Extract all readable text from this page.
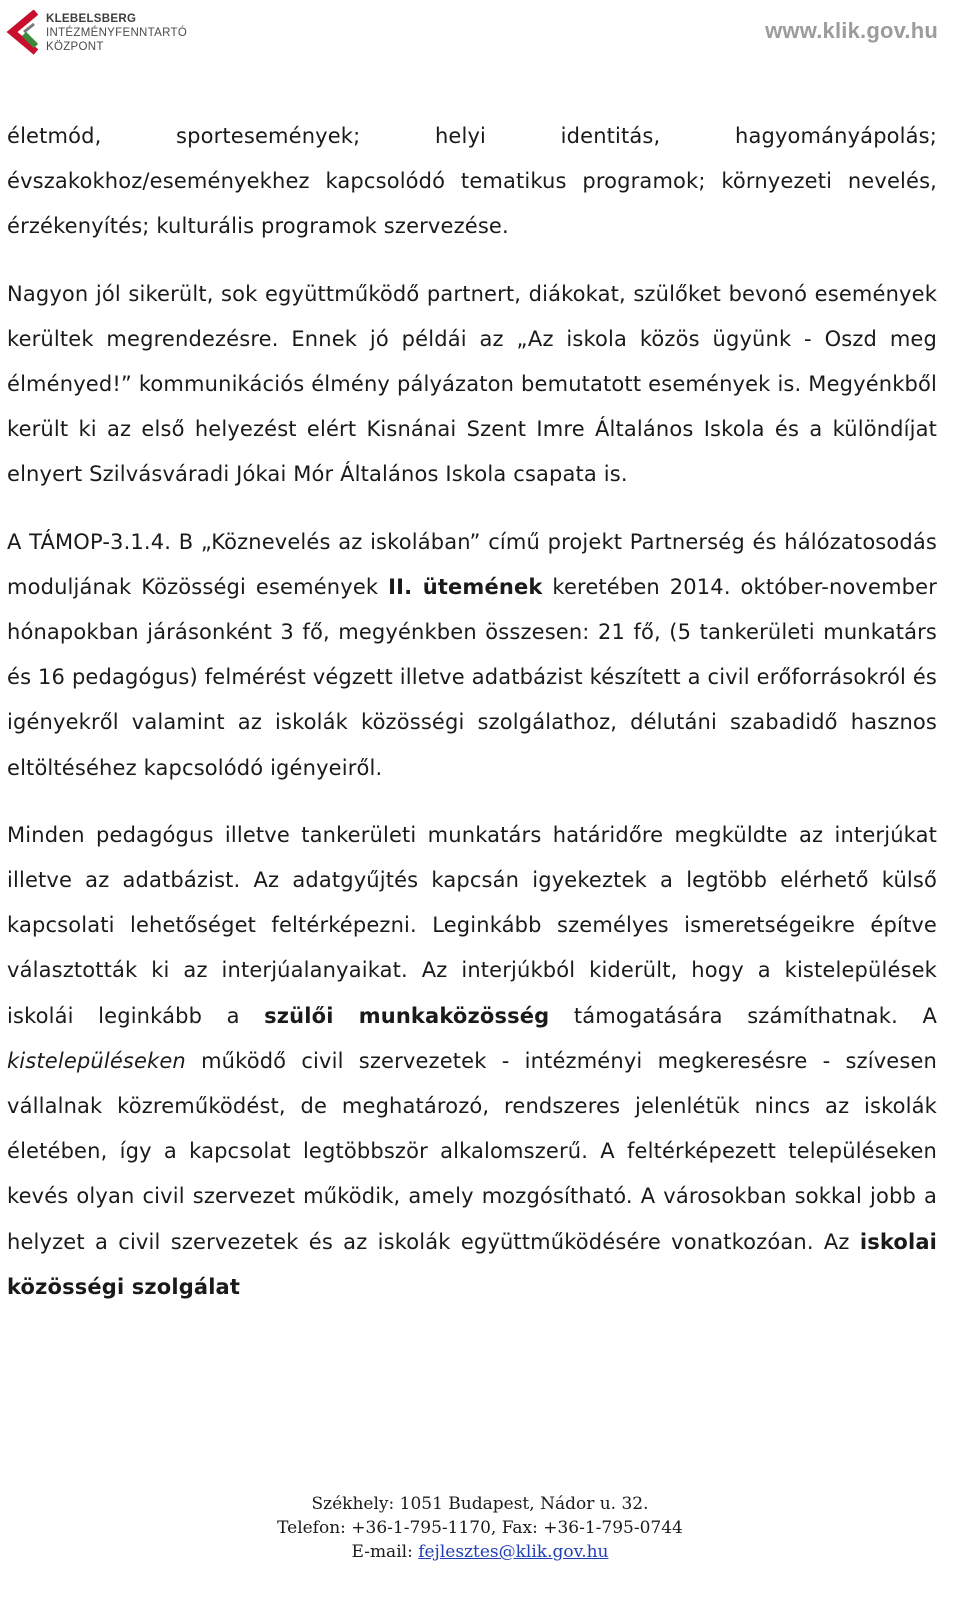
KLEBELSBERG
INTÉZMÉNYFENNTARTÓ
KÖZPONT
www.klik.gov.hu

életmód, sportesemények; helyi identitás, hagyományápolás; évszakokhoz/eseményekhez kapcsolódó tematikus programok; környezeti nevelés, érzékenyítés; kulturális programok szervezése.

Nagyon jól sikerült, sok együttműködő partnert, diákokat, szülőket bevonó események kerültek megrendezésre. Ennek jó példái az „Az iskola közös ügyünk - Oszd meg élményed!” kommunikációs élmény pályázaton bemutatott események is. Megyénkből került ki az első helyezést elért Kisnánai Szent Imre Általános Iskola és a különdíjat elnyert Szilvásváradi Jókai Mór Általános Iskola csapata is.

A TÁMOP-3.1.4. B „Köznevelés az iskolában” című projekt Partnerség és hálózatosodás moduljának Közösségi események II. ütemének keretében 2014. október-november hónapokban járásonként 3 fő, megyénkben összesen: 21 fő, (5 tankerületi munkatárs és 16 pedagógus) felmérést végzett illetve adatbázist készített a civil erőforrásokról és igényekről valamint az iskolák közösségi szolgálathoz, délutáni szabadidő hasznos eltöltéséhez kapcsolódó igényeiről.

Minden pedagógus illetve tankerületi munkatárs határidőre megküldte az interjúkat illetve az adatbázist. Az adatgyűjtés kapcsán igyekeztek a legtöbb elérhető külső kapcsolati lehetőséget feltérképezni. Leginkább személyes ismeretségeikre építve választották ki az interjúalanyaikat. Az interjúkból kiderült, hogy a kistelepülések iskolái leginkább a szülői munkaközösség támogatására számíthatnak. A kistelepüléseken működő civil szervezetek - intézményi megkeresésre - szívesen vállalnak közreműködést, de meghatározó, rendszeres jelenlétük nincs az iskolák életében, így a kapcsolat legtöbbször alkalomszerű. A feltérképezett településeken kevés olyan civil szervezet működik, amely mozgósítható. A városokban sokkal jobb a helyzet a civil szervezetek és az iskolák együttműködésére vonatkozóan. Az iskolai közösségi szolgálat

Székhely: 1051 Budapest, Nádor u. 32.
Telefon: +36-1-795-1170, Fax: +36-1-795-0744
E-mail: fejlesztes@klik.gov.hu
